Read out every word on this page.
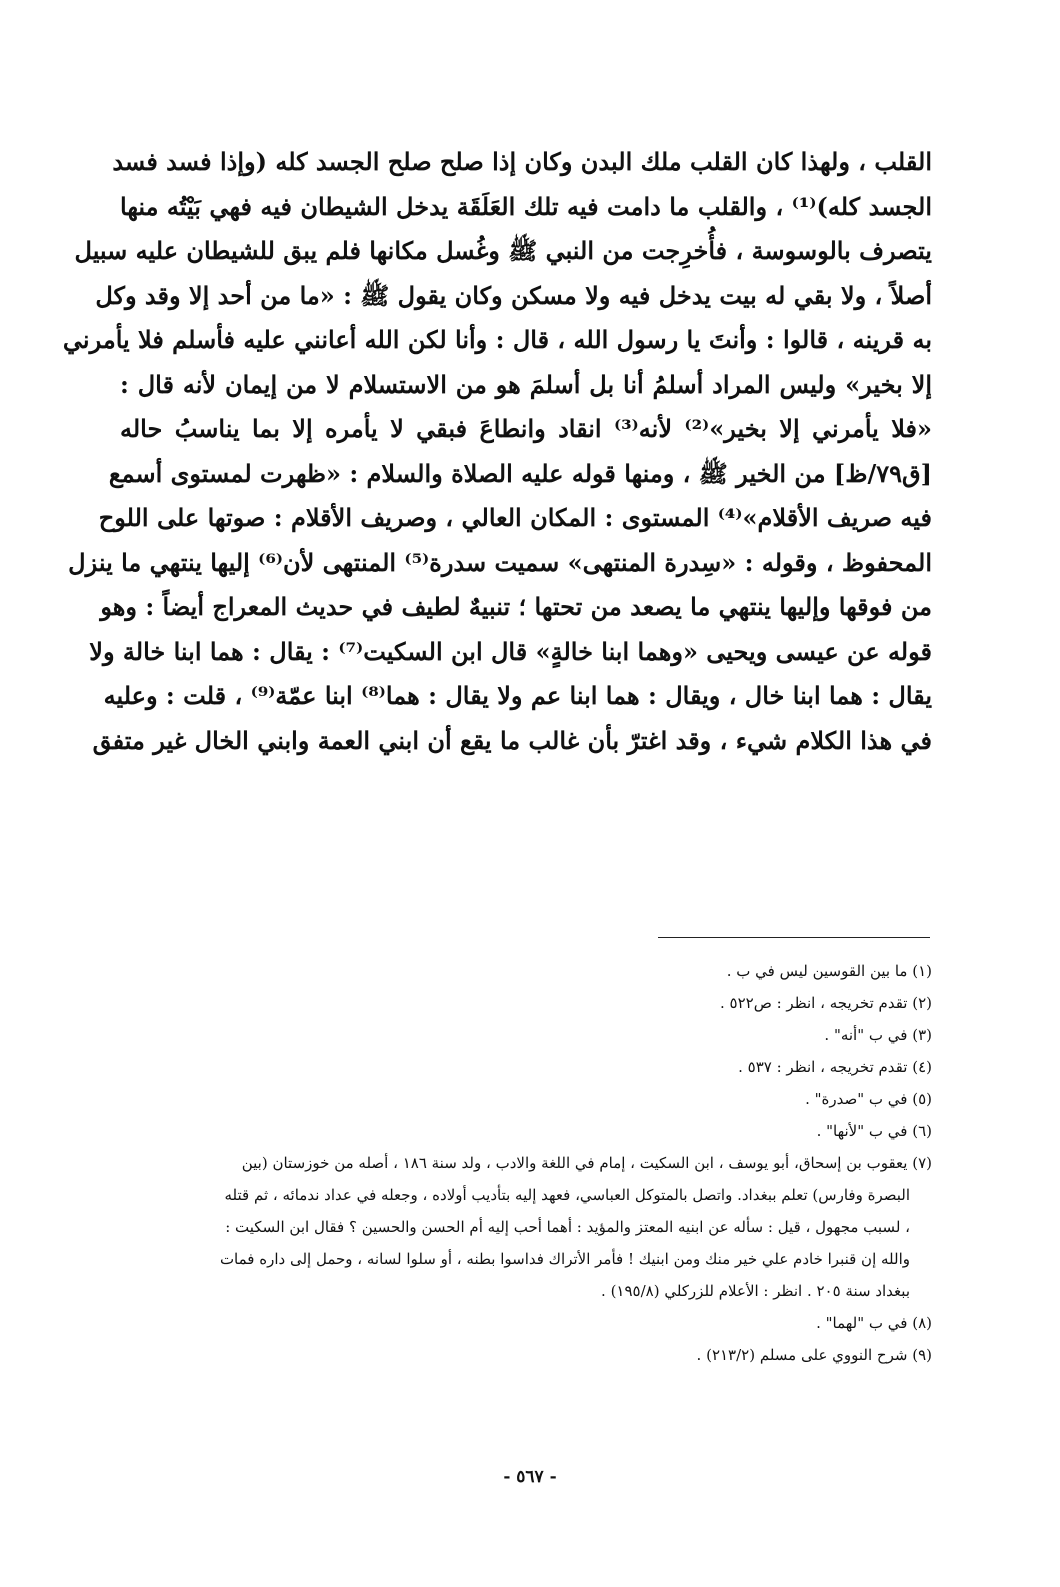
القلب ، ولهذا كان القلب ملك البدن وكان إذا صلح صلح الجسد كله (وإذا فسد فسد
الجسد كله)⁽¹⁾ ، والقلب ما دامت فيه تلك العَلَقَة يدخل الشيطان فيه فهي بَيْتُه منها
يتصرف بالوسوسة ، فأُخرِجت من النبي ﷺ وغُسل مكانها فلم يبق للشيطان عليه سبيل
أصلاً ، ولا بقي له بيت يدخل فيه ولا مسكن وكان يقول ﷺ : «ما من أحد إلا وقد وكل
به قرينه ، قالوا : وأنتَ يا رسول الله ، قال : وأنا لكن الله أعانني عليه فأسلم فلا يأمرني
إلا بخير» وليس المراد أسلمُ أنا بل أسلمَ هو من الاستسلام لا من إيمان لأنه قال :
«فلا يأمرني إلا بخير»⁽²⁾ لأنه⁽³⁾ انقاد وانطاعَ فبقي لا يأمره إلا بما يناسبُ حاله
[ق٧٩/ظ] من الخير ﷺ ، ومنها قوله عليه الصلاة والسلام : «ظهرت لمستوى أسمع
فيه صريف الأقلام»⁽⁴⁾ المستوى : المكان العالي ، وصريف الأقلام : صوتها على اللوح
المحفوظ ، وقوله : «سِدرة المنتهى» سميت سدرة⁽⁵⁾ المنتهى لأن⁽⁶⁾ إليها ينتهي ما ينزل
من فوقها وإليها ينتهي ما يصعد من تحتها ؛ تنبيهٌ لطيف في حديث المعراج أيضاً : وهو
قوله عن عيسى ويحيى «وهما ابنا خالةٍ» قال ابن السكيت⁽⁷⁾ : يقال : هما ابنا خالة ولا
يقال : هما ابنا خال ، ويقال : هما ابنا عم ولا يقال : هما⁽⁸⁾ ابنا عمّة⁽⁹⁾ ، قلت : وعليه
في هذا الكلام شيء ، وقد اغترّ بأن غالب ما يقع أن ابني العمة وابني الخال غير متفق
(١) ما بين القوسين ليس في ب .
(٢) تقدم تخريجه ، انظر : ص٥٢٢ .
(٣) في ب "أنه" .
(٤) تقدم تخريجه ، انظر : ٥٣٧ .
(٥) في ب "صدرة" .
(٦) في ب "لأنها" .
(٧) يعقوب بن إسحاق، أبو يوسف ، ابن السكيت ، إمام في اللغة والادب ، ولد سنة ١٨٦ ، أصله من خوزستان (بين
البصرة وفارس) تعلم ببغداد. واتصل بالمتوكل العباسي، فعهد إليه بتأديب أولاده ، وجعله في عداد ندمائه ، ثم قتله
، لسبب مجهول ، قيل : سأله عن ابنيه المعتز والمؤيد : أهما أحب إليه أم الحسن والحسين ؟ فقال ابن السكيت :
والله إن قنبرا خادم علي خير منك ومن ابنيك ! فأمر الأتراك فداسوا بطنه ، أو سلوا لسانه ، وحمل إلى داره فمات
ببغداد سنة ٢٠٥ . انظر : الأعلام للزركلي (١٩٥/٨) .
(٨) في ب "لهما" .
(٩) شرح النووي على مسلم (٢١٣/٢) .
- ٥٦٧ -
